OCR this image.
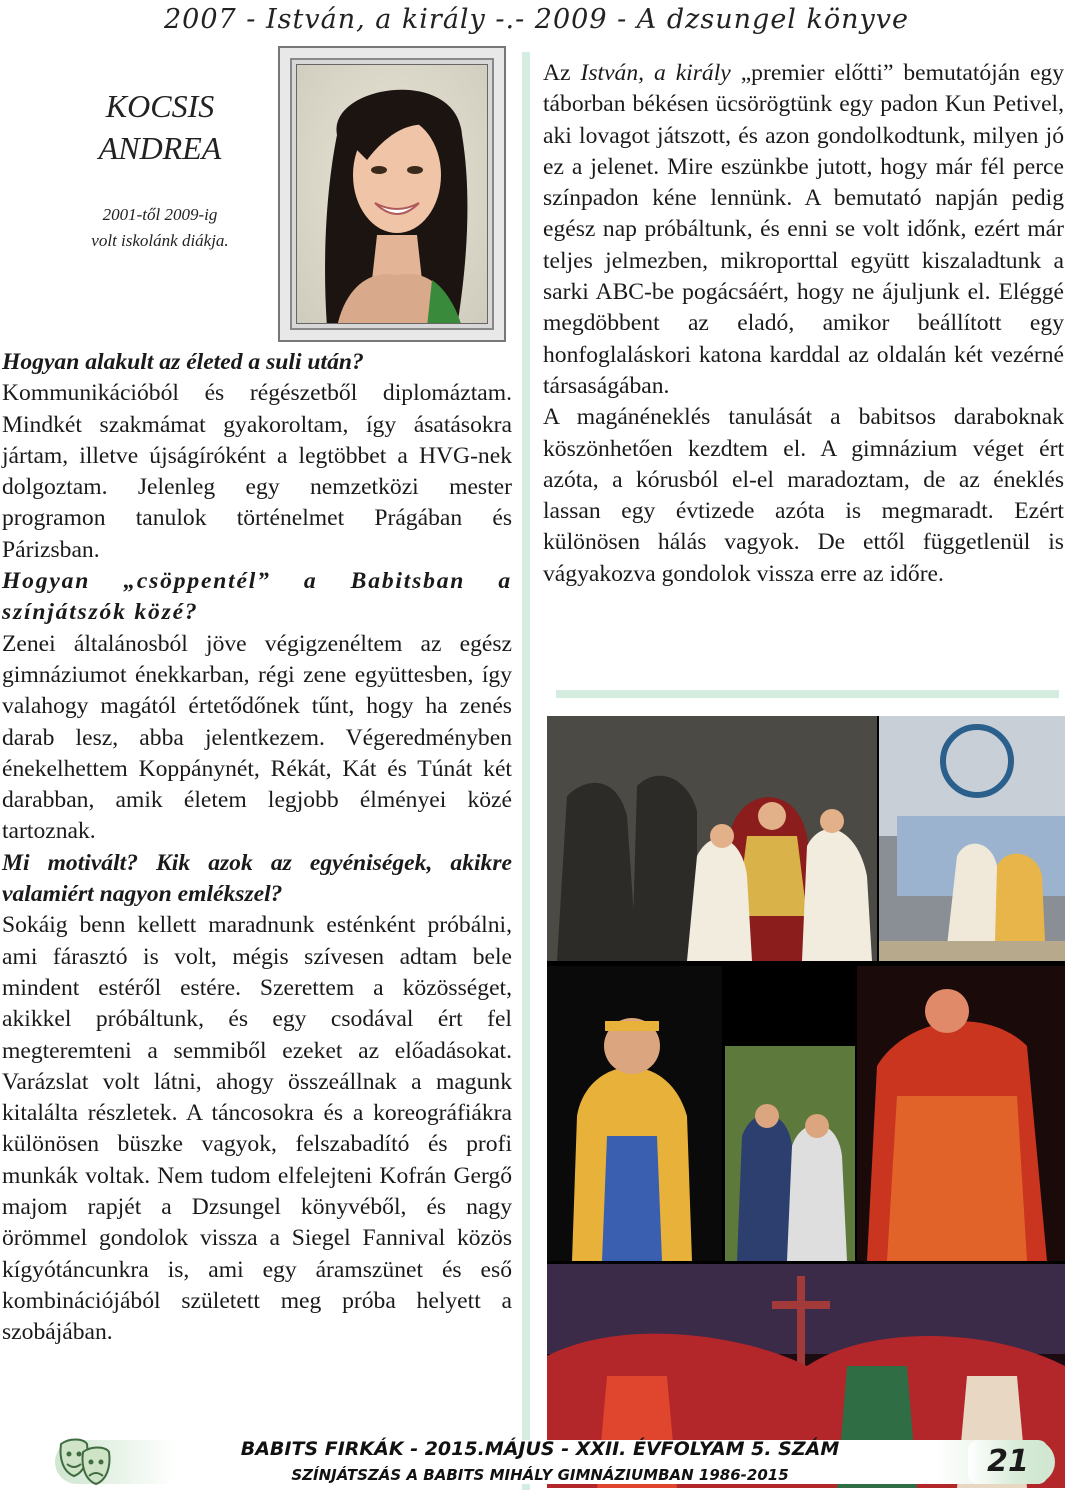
2007 - István, a király -.- 2009 - A dzsungel könyve
KOCSIS
ANDREA
2001-től 2009-ig
volt iskolánk diákja.
Hogyan alakult az életed a suli után?
Kommunikációból és régészetből diplomáztam. Mindkét szakmámat gyakoroltam, így ásatásokra jártam, illetve újságíróként a legtöbbet a HVG-nek dolgoztam. Jelenleg egy nemzetközi mester programon tanulok történelmet Prágában és Párizsban.
Hogyan „csöppentél” a Babitsban a színjátszók közé?
Zenei általánosból jöve végigzenéltem az egész gimnáziumot énekkarban, régi zene együttesben, így valahogy magától értetődőnek tűnt, hogy ha zenés darab lesz, abba jelentkezem. Végeredményben énekelhettem Koppánynét, Rékát, Kát és Túnát két darabban, amik életem legjobb élményei közé tartoznak.
Mi motivált? Kik azok az egyéniségek, akikre valamiért nagyon emlékszel?
Sokáig benn kellett maradnunk esténként próbálni, ami fárasztó is volt, mégis szívesen adtam bele mindent estéről estére. Szerettem a közösséget, akikkel próbáltunk, és egy csodával ért fel megteremteni a semmiből ezeket az előadásokat. Varázslat volt látni, ahogy összeállnak a magunk kitalálta részletek. A táncosokra és a koreográfiákra különösen büszke vagyok, felszabadító és profi munkák voltak. Nem tudom elfelejteni Kofrán Gergő majom rapjét a Dzsungel könyvéből, és nagy örömmel gondolok vissza a Siegel Fannival közös kígyótáncunkra is, ami egy áramszünet és eső kombinációjából született meg próba helyett a szobájában.
Az István, a király „premier előtti” bemutatóján egy táborban békésen ücsörögtünk egy padon Kun Petivel, aki lovagot játszott, és azon gondolkodtunk, milyen jó ez a jelenet. Mire eszünkbe jutott, hogy már fél perce színpadon kéne lennünk. A bemutató napján pedig egész nap próbáltunk, és enni se volt időnk, ezért már teljes jelmezben, mikroporttal együtt kiszaladtunk a sarki ABC-be pogácsáért, hogy ne ájuljunk el. Eléggé megdöbbent az eladó, amikor beállított egy honfoglaláskori katona karddal az oldalán két vezérné társaságában.
A magánéneklés tanulását a babitsos daraboknak köszönhetően kezdtem el. A gimnázium véget ért azóta, a kórusból el-el maradoztam, de az éneklés lassan egy évtizede azóta is megmaradt. Ezért különösen hálás vagyok. De ettől függetlenül is vágyakozva gondolok vissza erre az időre.
BABITS FIRKÁK - 2015.MÁJUS - XXII. ÉVFOLYAM 5. SZÁM
SZÍNJÁTSZÁS A BABITS MIHÁLY GIMNÁZIUMBAN 1986-2015	21
